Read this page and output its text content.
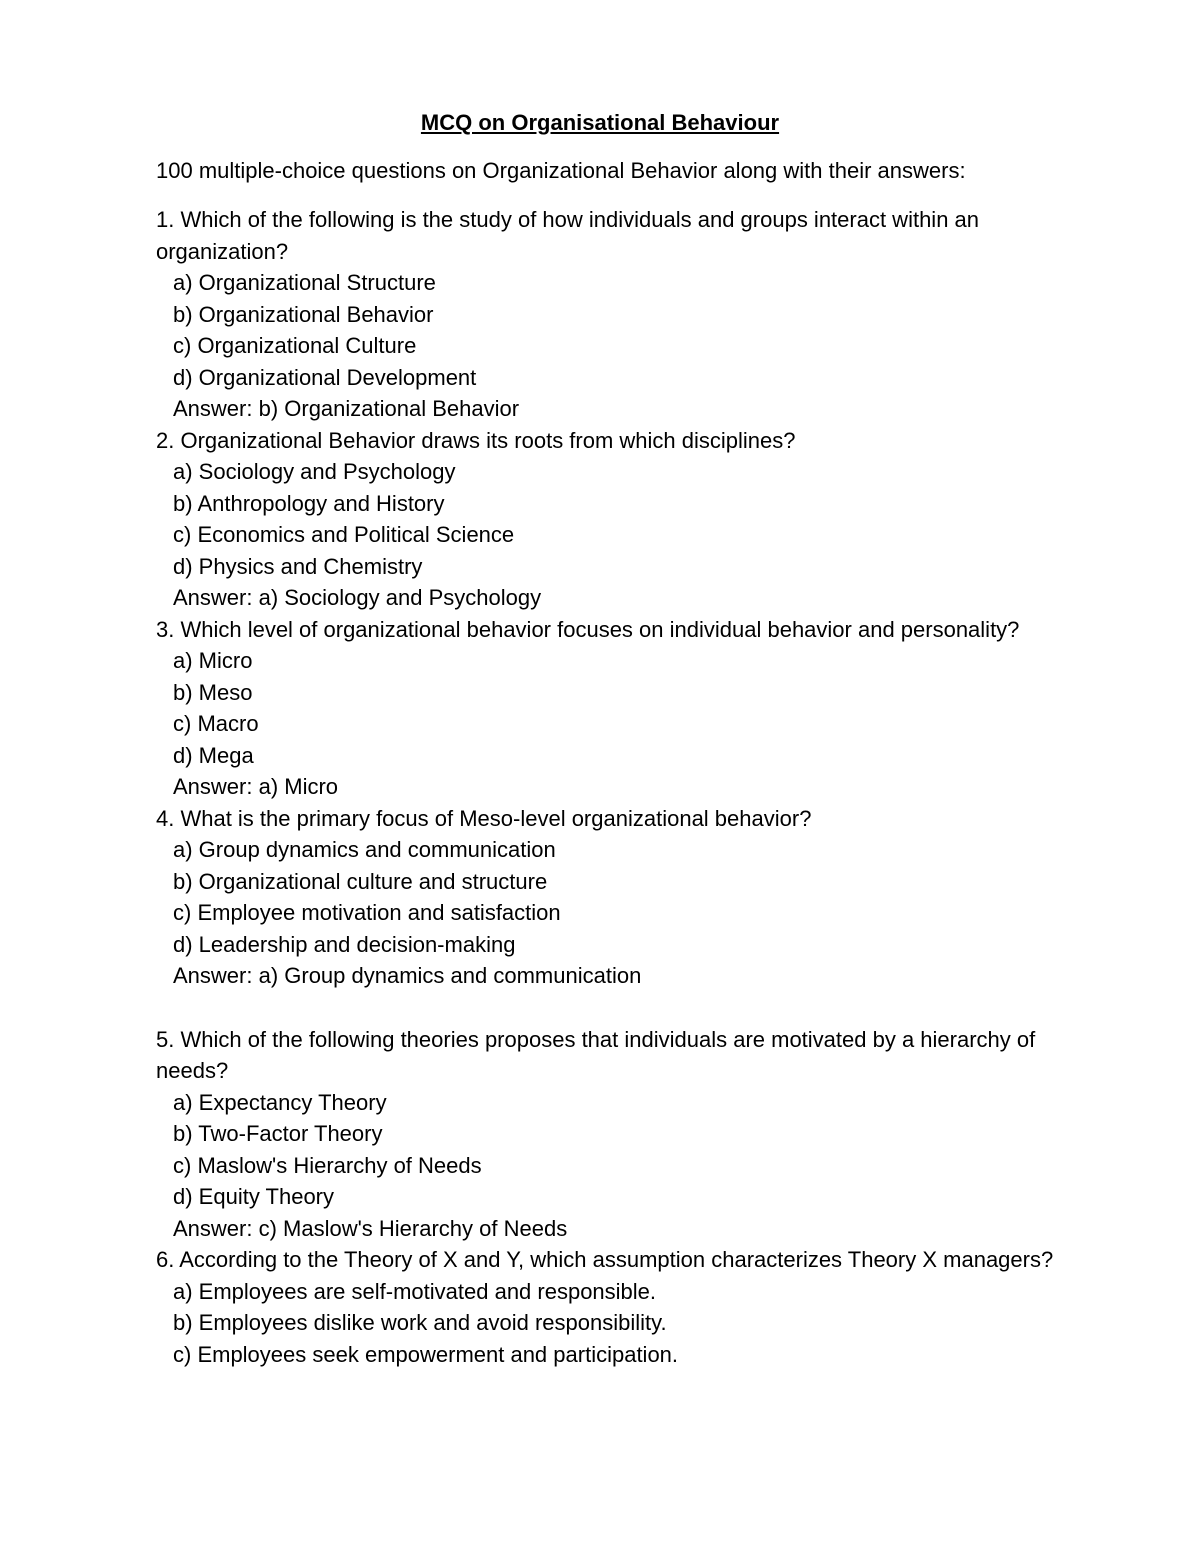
MCQ on Organisational Behaviour
100 multiple-choice questions on Organizational Behavior along with their answers:

1. Which of the following is the study of how individuals and groups interact within an organization?

a) Organizational Structure

b) Organizational Behavior

c) Organizational Culture

d) Organizational Development

Answer: b) Organizational Behavior

2. Organizational Behavior draws its roots from which disciplines?

a) Sociology and Psychology

b) Anthropology and History

c) Economics and Political Science

d) Physics and Chemistry

Answer: a) Sociology and Psychology

3. Which level of organizational behavior focuses on individual behavior and personality?

a) Micro

b) Meso

c) Macro

d) Mega

Answer: a) Micro

4. What is the primary focus of Meso-level organizational behavior?

a) Group dynamics and communication

b) Organizational culture and structure

c) Employee motivation and satisfaction

d) Leadership and decision-making

Answer: a) Group dynamics and communication

5. Which of the following theories proposes that individuals are motivated by a hierarchy of needs?

a) Expectancy Theory

b) Two-Factor Theory

c) Maslow's Hierarchy of Needs

d) Equity Theory

Answer: c) Maslow's Hierarchy of Needs

6. According to the Theory of X and Y, which assumption characterizes Theory X managers?

a) Employees are self-motivated and responsible.

b) Employees dislike work and avoid responsibility.

c) Employees seek empowerment and participation.
